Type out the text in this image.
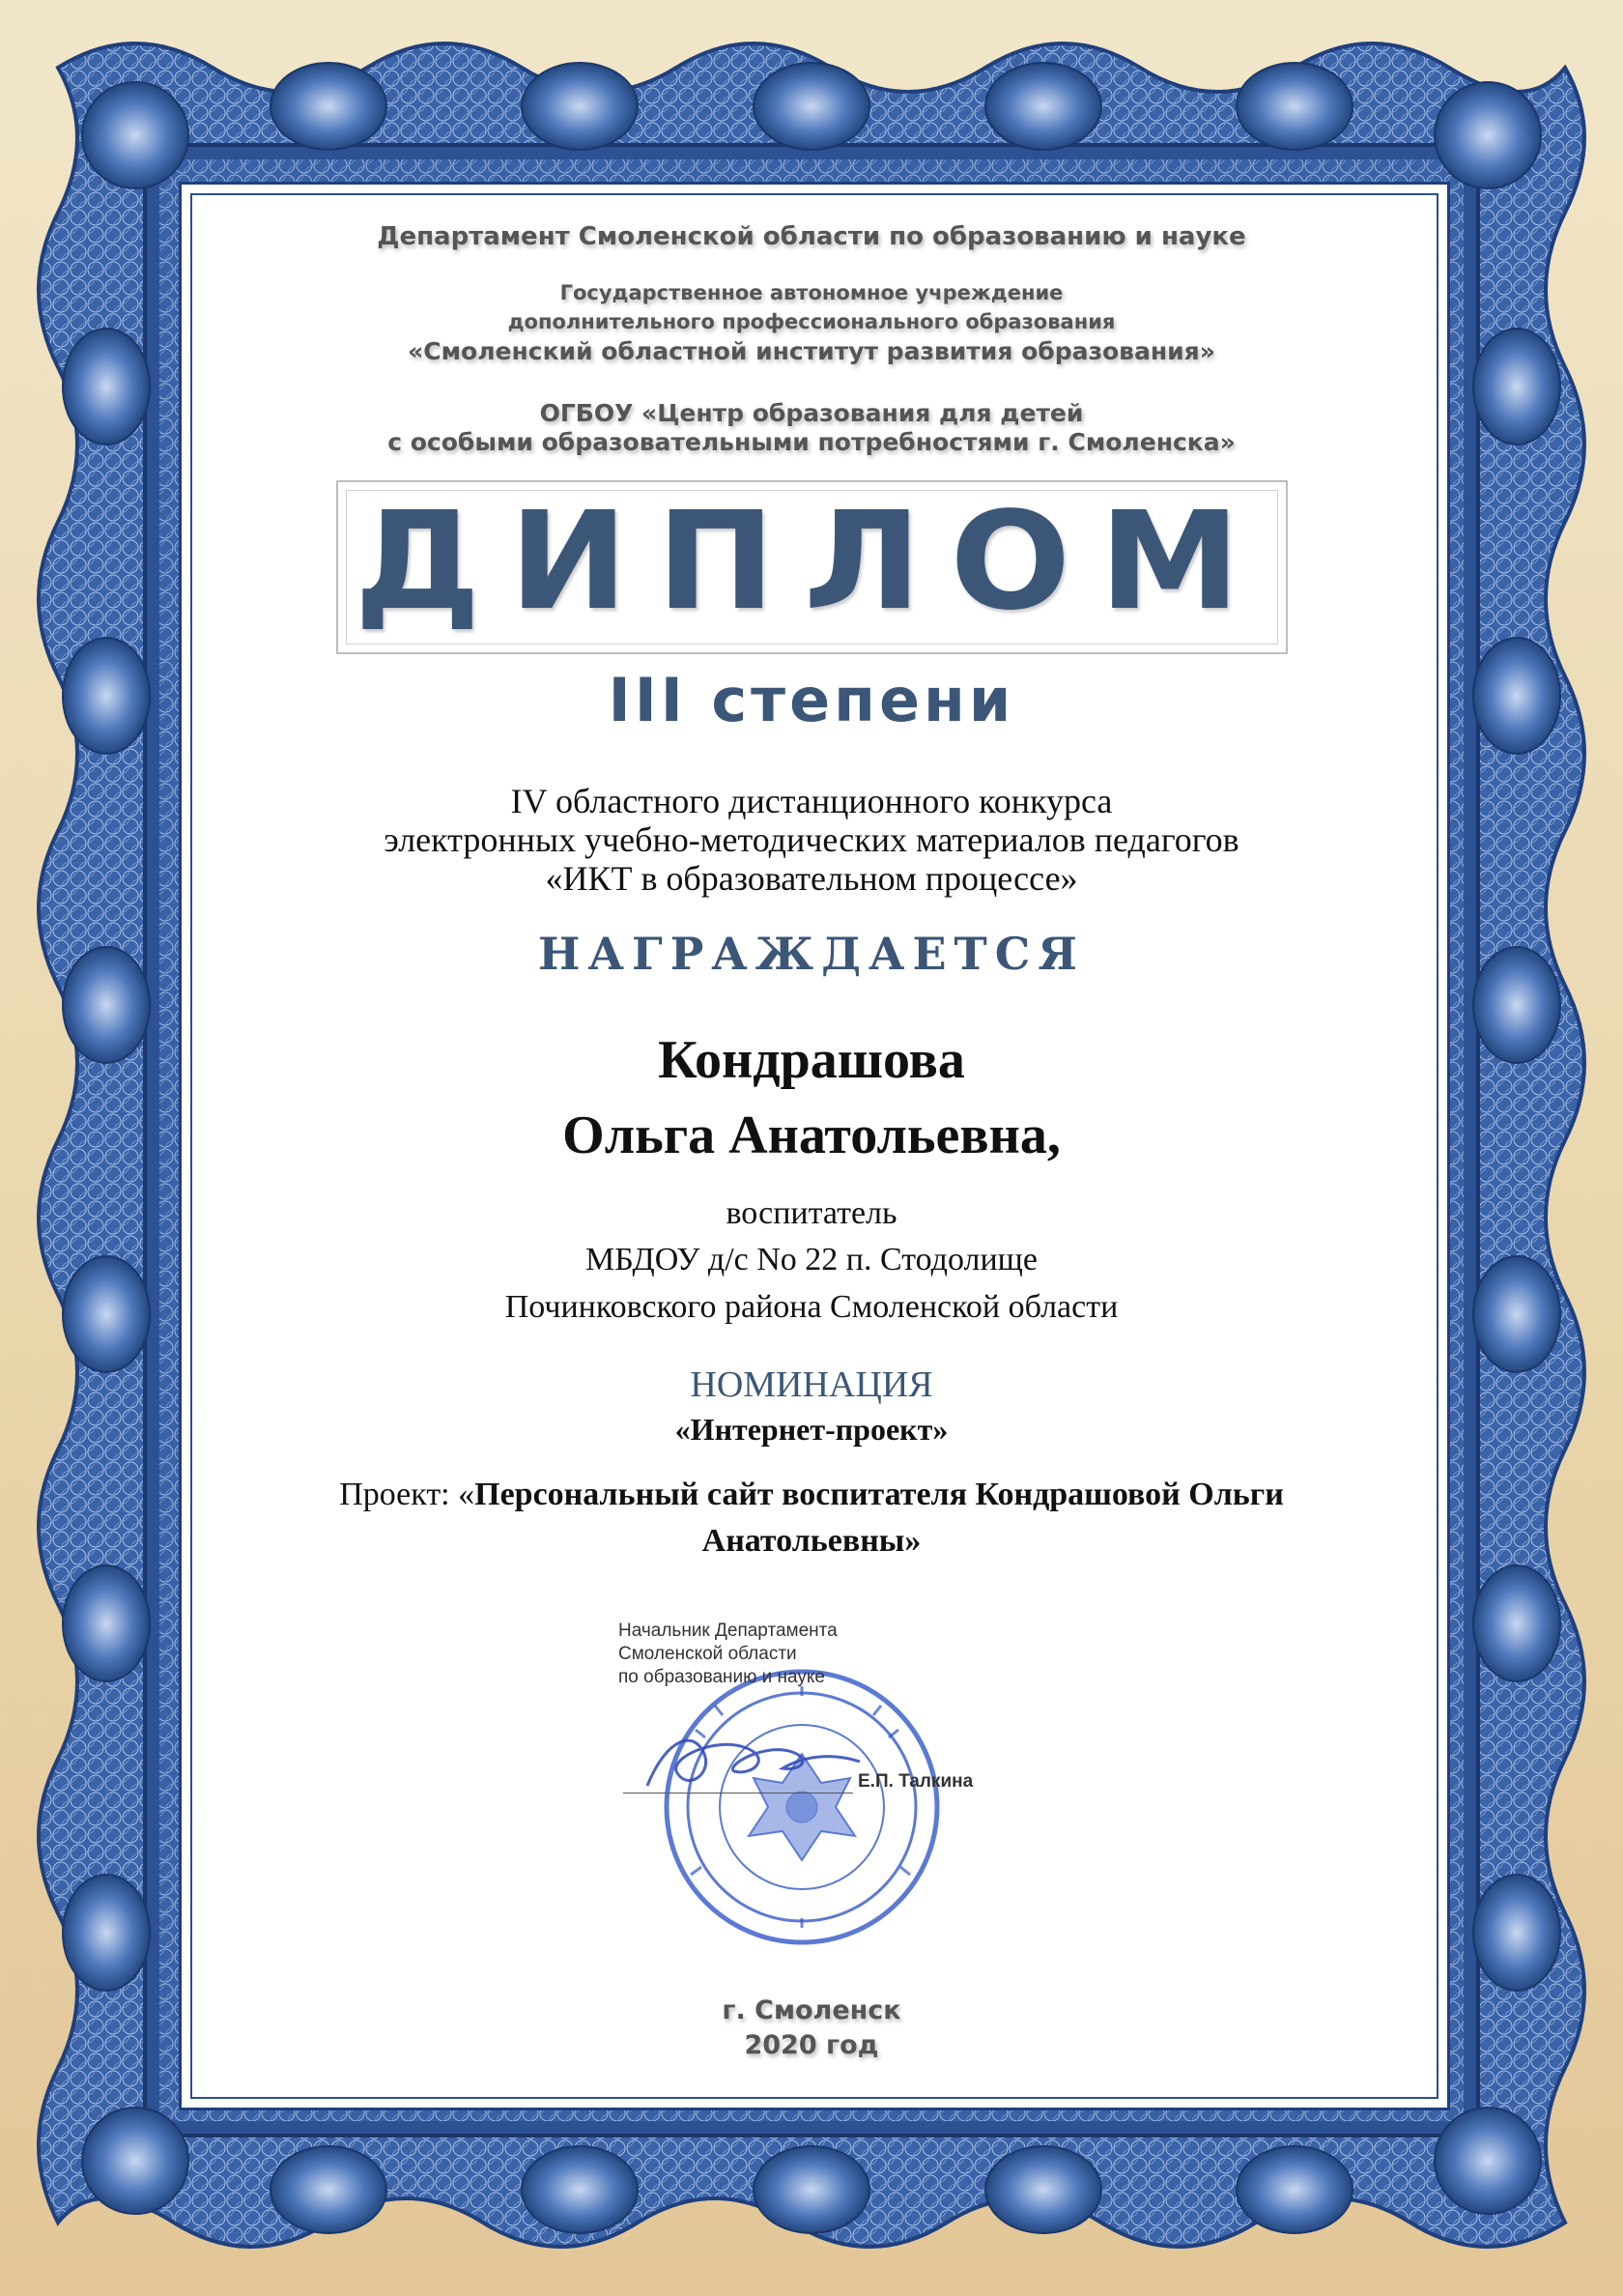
Департамент Смоленской области по образованию и науке
Государственное автономное учреждение
дополнительного профессионального образования
«Смоленский областной институт развития образования»
ОГБОУ «Центр образования для детей
с особыми образовательными потребностями г. Смоленска»
ДИПЛОМ
III степени
IV областного дистанционного конкурса
электронных учебно-методических материалов педагогов
«ИКТ в образовательном процессе»
НАГРАЖДАЕТСЯ
Кондрашова
Ольга Анатольевна,
воспитатель
МБДОУ д/с No 22 п. Стодолище
Починковского района Смоленской области
НОМИНАЦИЯ
«Интернет-проект»
Проект: «Персональный сайт воспитателя Кондрашовой Ольги
Анатольевны»
Начальник Департамента
Смоленской области
по образованию и науке
Е.П. Талкина
г. Смоленск
2020 год
